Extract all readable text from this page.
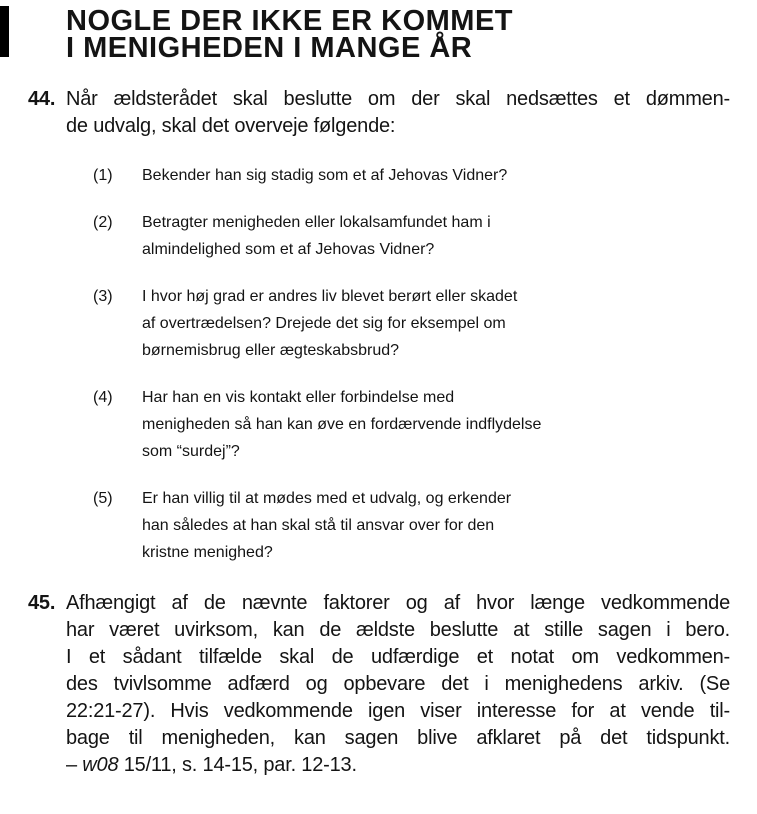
NOGLE DER IKKE ER KOMMET
I MENIGHEDEN I MANGE ÅR
44. Når ældsterådet skal beslutte om der skal nedsættes et dømmen-
de udvalg, skal det overveje følgende:
(1)	Bekender han sig stadig som et af Jehovas Vidner?
(2)	Betragter menigheden eller lokalsamfundet ham i
almindelighed som et af Jehovas Vidner?
(3)	I hvor høj grad er andres liv blevet berørt eller skadet
af overtrædelsen? Drejede det sig for eksempel om
børnemisbrug eller ægteskabsbrud?
(4)	Har han en vis kontakt eller forbindelse med
menigheden så han kan øve en fordærvende indflydelse
som “surdej”?
(5)	Er han villig til at mødes med et udvalg, og erkender
han således at han skal stå til ansvar over for den
kristne menighed?
45. Afhængigt af de nævnte faktorer og af hvor længe vedkommende
har været uvirksom, kan de ældste beslutte at stille sagen i bero.
I et sådant tilfælde skal de udfærdige et notat om vedkommen-
des tvivlsomme adfærd og opbevare det i menighedens arkiv. (Se
22:21-27). Hvis vedkommende igen viser interesse for at vende til-
bage til menigheden, kan sagen blive afklaret på det tidspunkt.
– w08 15/11, s. 14-15, par. 12-13.
